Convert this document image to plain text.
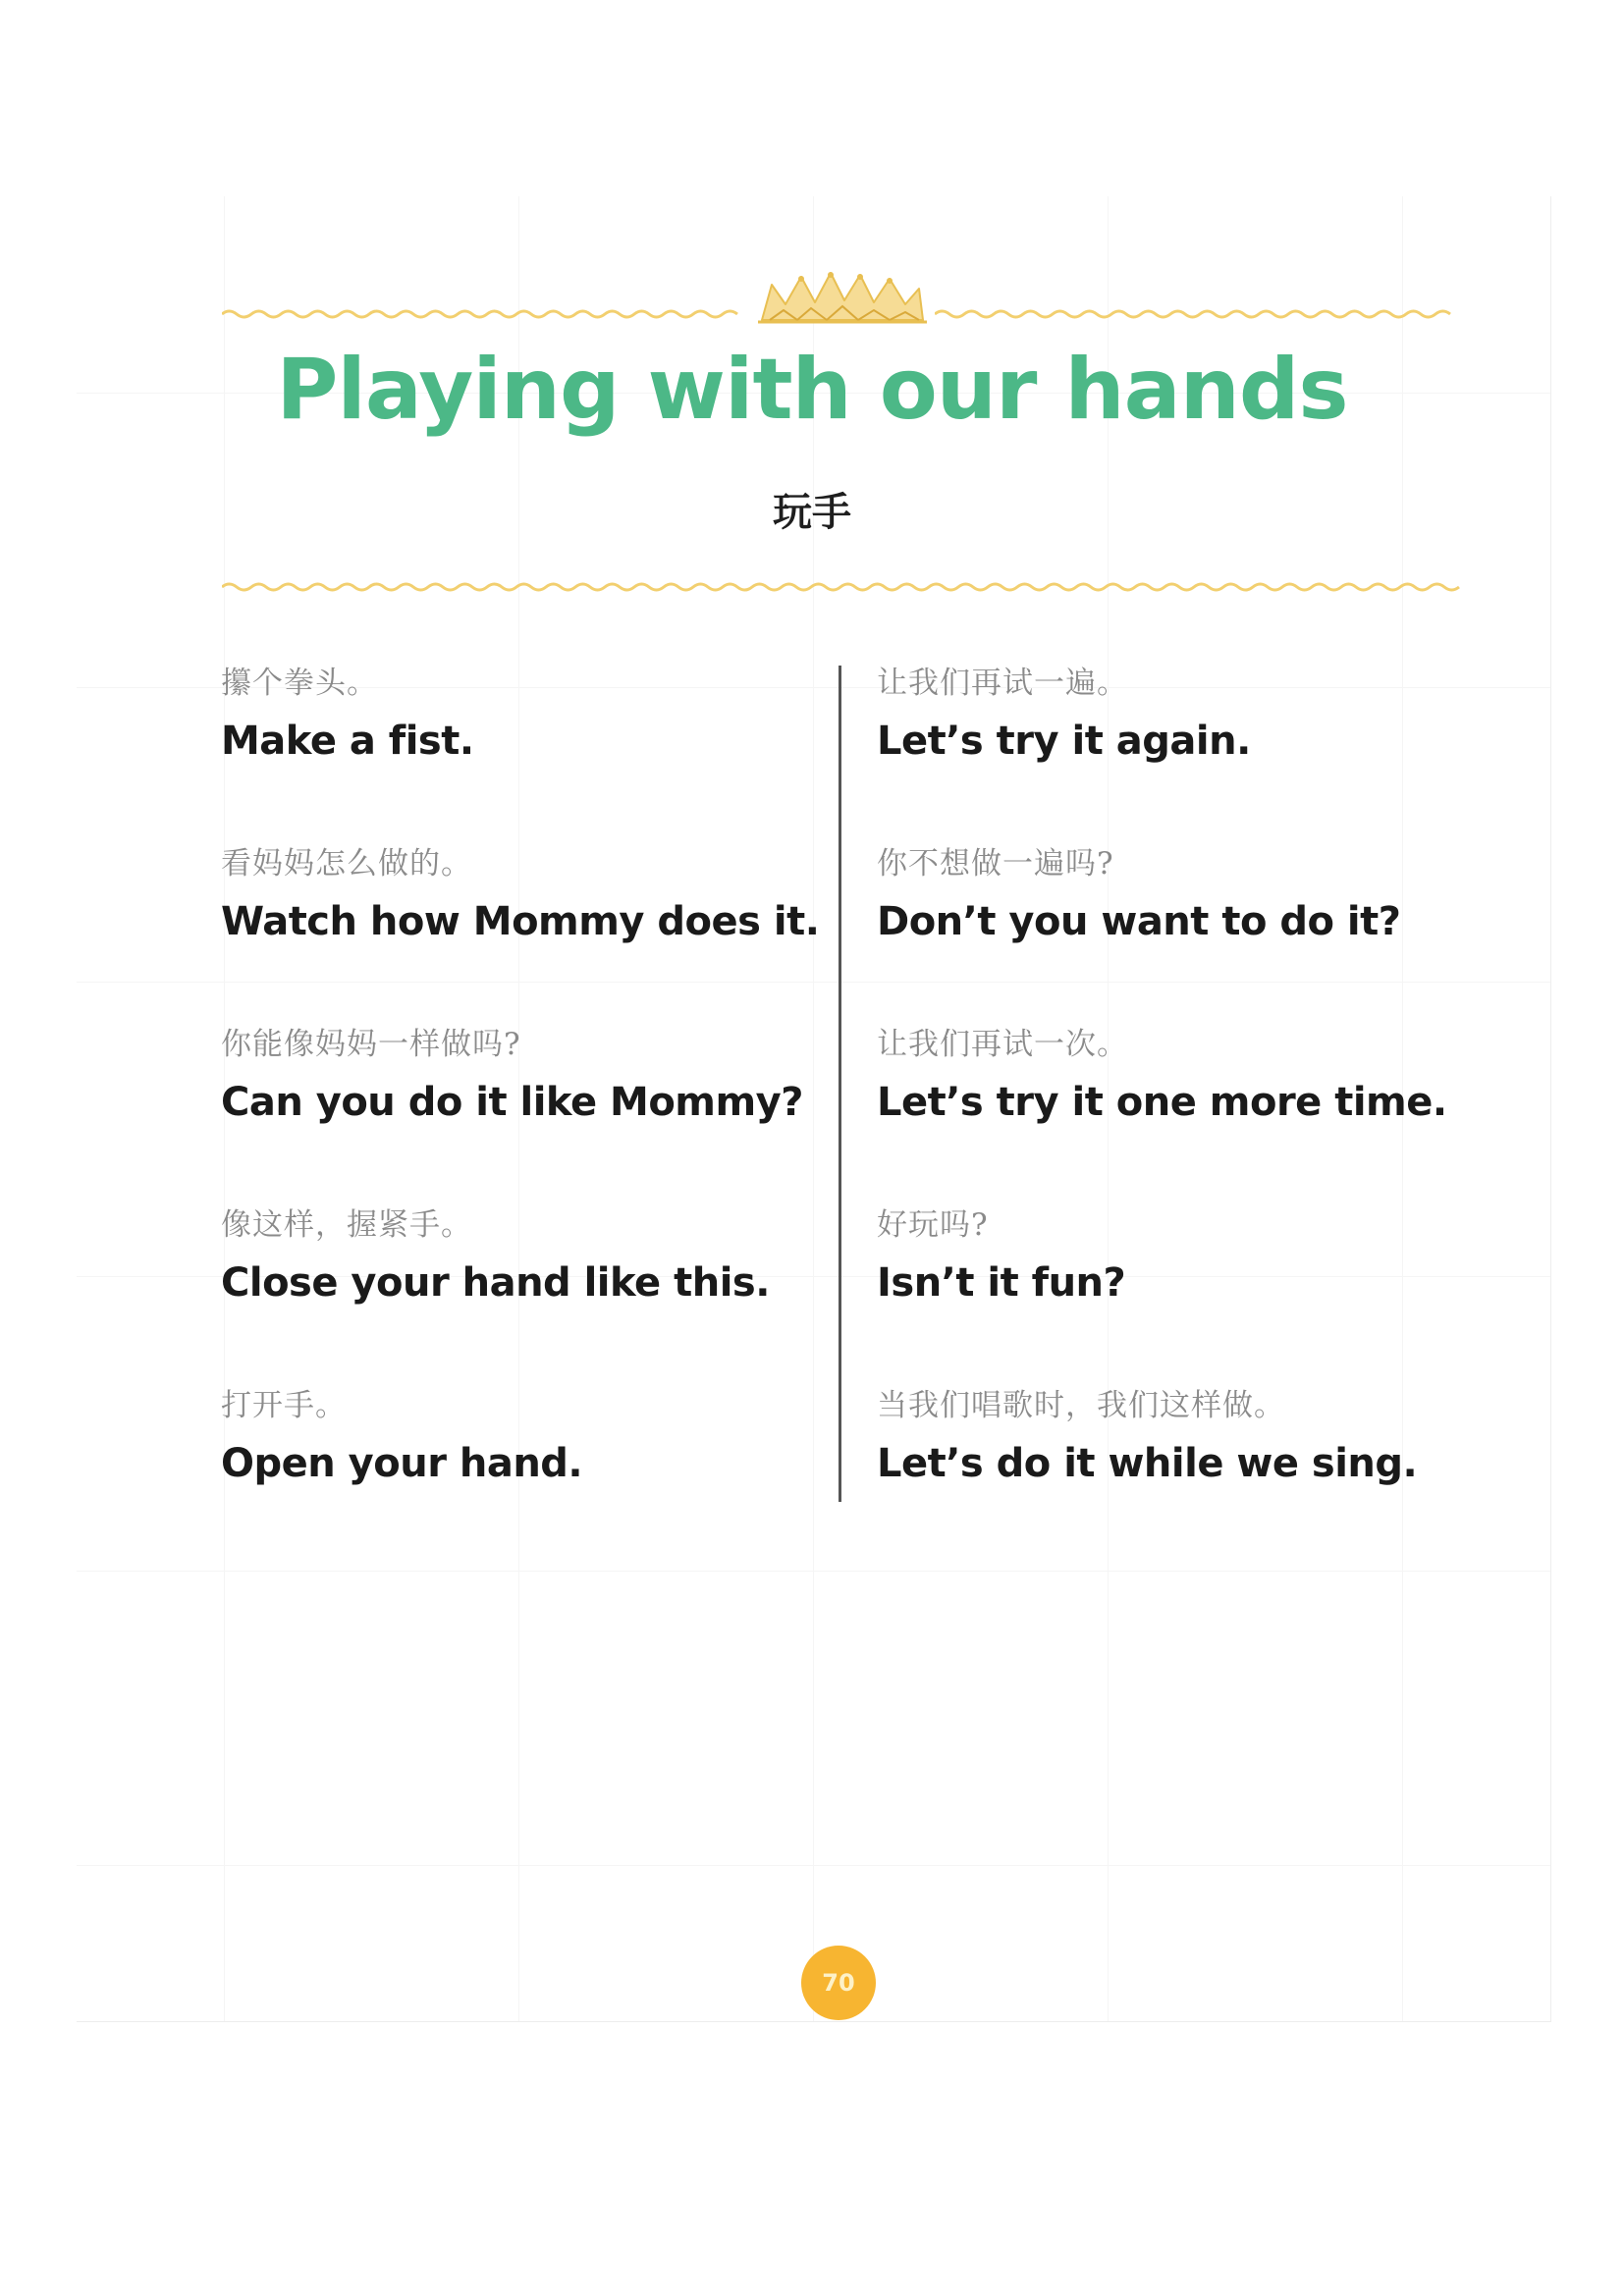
Playing with our hands

玩手

攥个拳头。

Make a fist.

看妈妈怎么做的。

Watch how Mommy does it.

你能像妈妈一样做吗?

Can you do it like Mommy?

像这样，握紧手。

Close your hand like this.

打开手。

Open your hand.

让我们再试一遍。

Let’s try it again.

你不想做一遍吗?

Don’t you want to do it?

让我们再试一次。

Let’s try it one more time.

好玩吗?

Isn’t it fun?

当我们唱歌时，我们这样做。

Let’s do it while we sing.

70
